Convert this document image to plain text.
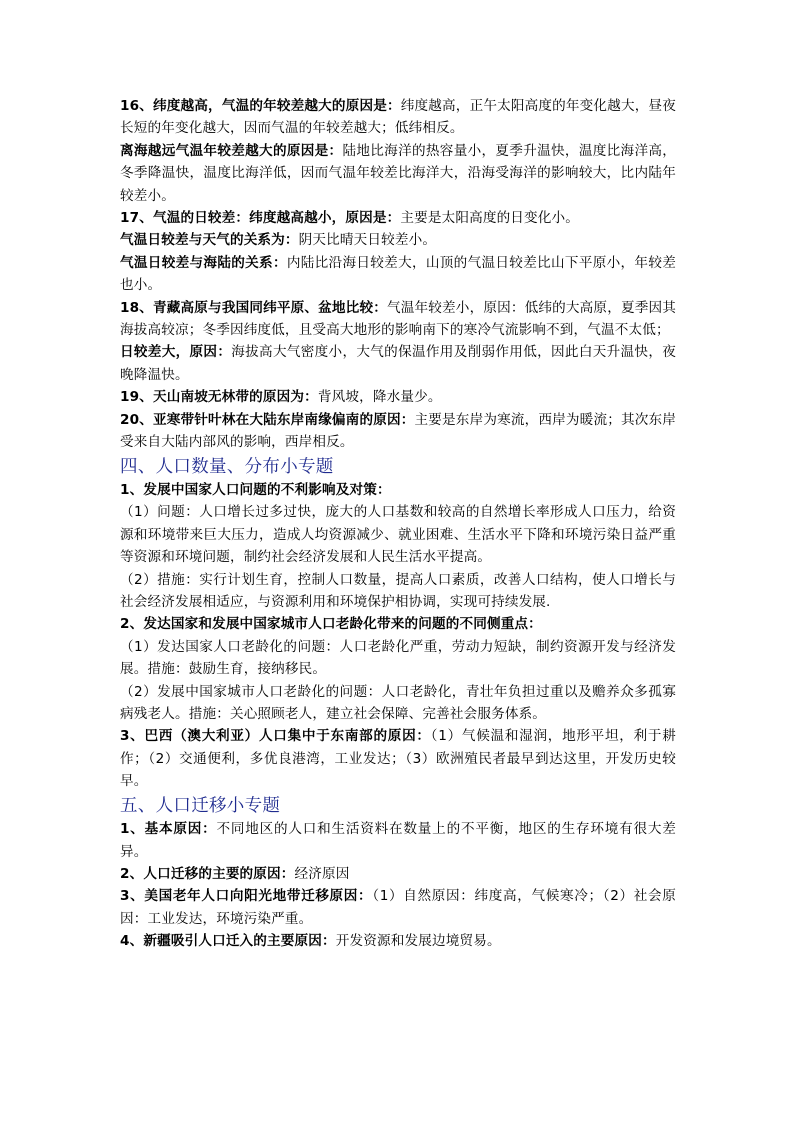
16、纬度越高，气温的年较差越大的原因是：纬度越高，正午太阳高度的年变化越大，昼夜长短的年变化越大，因而气温的年较差越大；低纬相反。

离海越远气温年较差越大的原因是：陆地比海洋的热容量小，夏季升温快，温度比海洋高，冬季降温快，温度比海洋低，因而气温年较差比海洋大，沿海受海洋的影响较大，比内陆年较差小。

17、气温的日较差：纬度越高越小，原因是：主要是太阳高度的日变化小。

气温日较差与天气的关系为：阴天比晴天日较差小。

气温日较差与海陆的关系：内陆比沿海日较差大，山顶的气温日较差比山下平原小，年较差也小。

18、青藏高原与我国同纬平原、盆地比较：气温年较差小，原因：低纬的大高原，夏季因其海拔高较凉；冬季因纬度低，且受高大地形的影响南下的寒冷气流影响不到，气温不太低；

日较差大，原因：海拔高大气密度小，大气的保温作用及削弱作用低，因此白天升温快，夜晚降温快。

19、天山南坡无林带的原因为：背风坡，降水量少。

20、亚寒带针叶林在大陆东岸南缘偏南的原因：主要是东岸为寒流，西岸为暖流；其次东岸受来自大陆内部风的影响，西岸相反。

四、人口数量、分布小专题

1、发展中国家人口问题的不利影响及对策：

（1）问题：人口增长过多过快，庞大的人口基数和较高的自然增长率形成人口压力，给资源和环境带来巨大压力，造成人均资源减少、就业困难、生活水平下降和环境污染日益严重等资源和环境问题，制约社会经济发展和人民生活水平提高。

（2）措施：实行计划生育，控制人口数量，提高人口素质，改善人口结构，使人口增长与社会经济发展相适应，与资源利用和环境保护相协调，实现可持续发展.

2、发达国家和发展中国家城市人口老龄化带来的问题的不同侧重点：

（1）发达国家人口老龄化的问题：人口老龄化严重，劳动力短缺，制约资源开发与经济发展。措施：鼓励生育，接纳移民。

（2）发展中国家城市人口老龄化的问题：人口老龄化，青壮年负担过重以及赡养众多孤寡病残老人。措施：关心照顾老人，建立社会保障、完善社会服务体系。

3、巴西（澳大利亚）人口集中于东南部的原因：（1）气候温和湿润，地形平坦，利于耕作；（2）交通便利，多优良港湾，工业发达；（3）欧洲殖民者最早到达这里，开发历史较早。

五、人口迁移小专题

1、基本原因：不同地区的人口和生活资料在数量上的不平衡，地区的生存环境有很大差异。

2、人口迁移的主要的原因：经济原因

3、美国老年人口向阳光地带迁移原因：（1）自然原因：纬度高，气候寒冷；（2）社会原因：工业发达，环境污染严重。

4、新疆吸引人口迁入的主要原因：开发资源和发展边境贸易。
